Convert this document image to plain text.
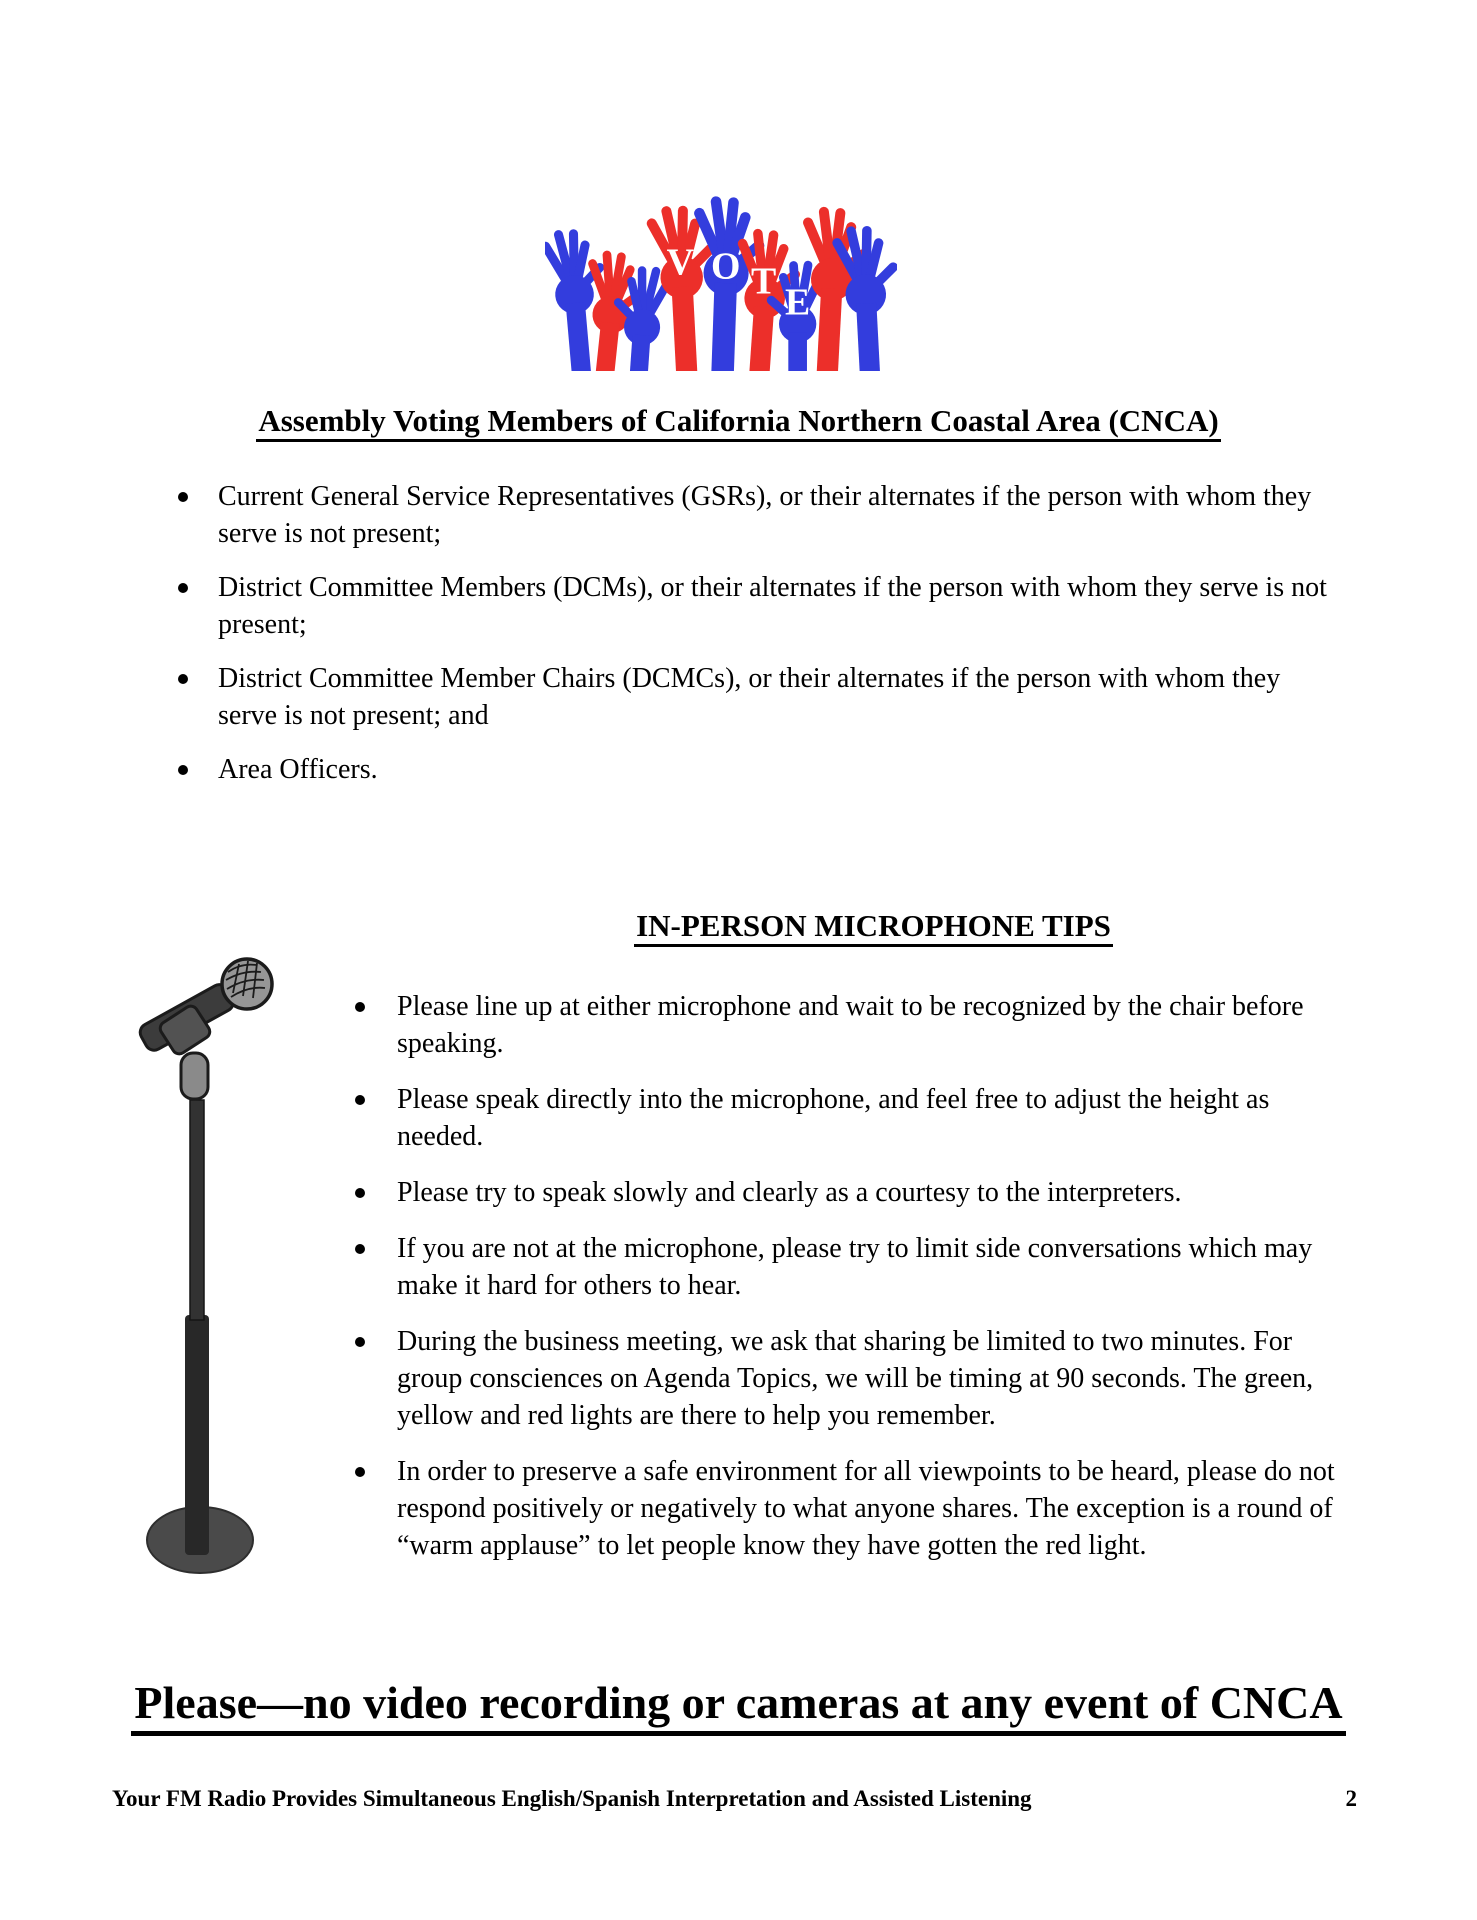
V O T E
Assembly Voting Members of California Northern Coastal Area (CNCA)
Current General Service Representatives (GSRs), or their alternates if the person with whom they serve is not present;
District Committee Members (DCMs), or their alternates if the person with whom they serve is not present;
District Committee Member Chairs (DCMCs), or their alternates if the person with whom they serve is not present; and
Area Officers.
IN-PERSON MICROPHONE TIPS
Please line up at either microphone and wait to be recognized by the chair before speaking.
Please speak directly into the microphone, and feel free to adjust the height as needed.
Please try to speak slowly and clearly as a courtesy to the interpreters.
If you are not at the microphone, please try to limit side conversations which may make it hard for others to hear.
During the business meeting, we ask that sharing be limited to two minutes. For group consciences on Agenda Topics, we will be timing at 90 seconds. The green, yellow and red lights are there to help you remember.
In order to preserve a safe environment for all viewpoints to be heard, please do not respond positively or negatively to what anyone shares. The exception is a round of “warm applause” to let people know they have gotten the red light.
Please—no video recording or cameras at any event of CNCA
Your FM Radio Provides Simultaneous English/Spanish Interpretation and Assisted Listening	2
